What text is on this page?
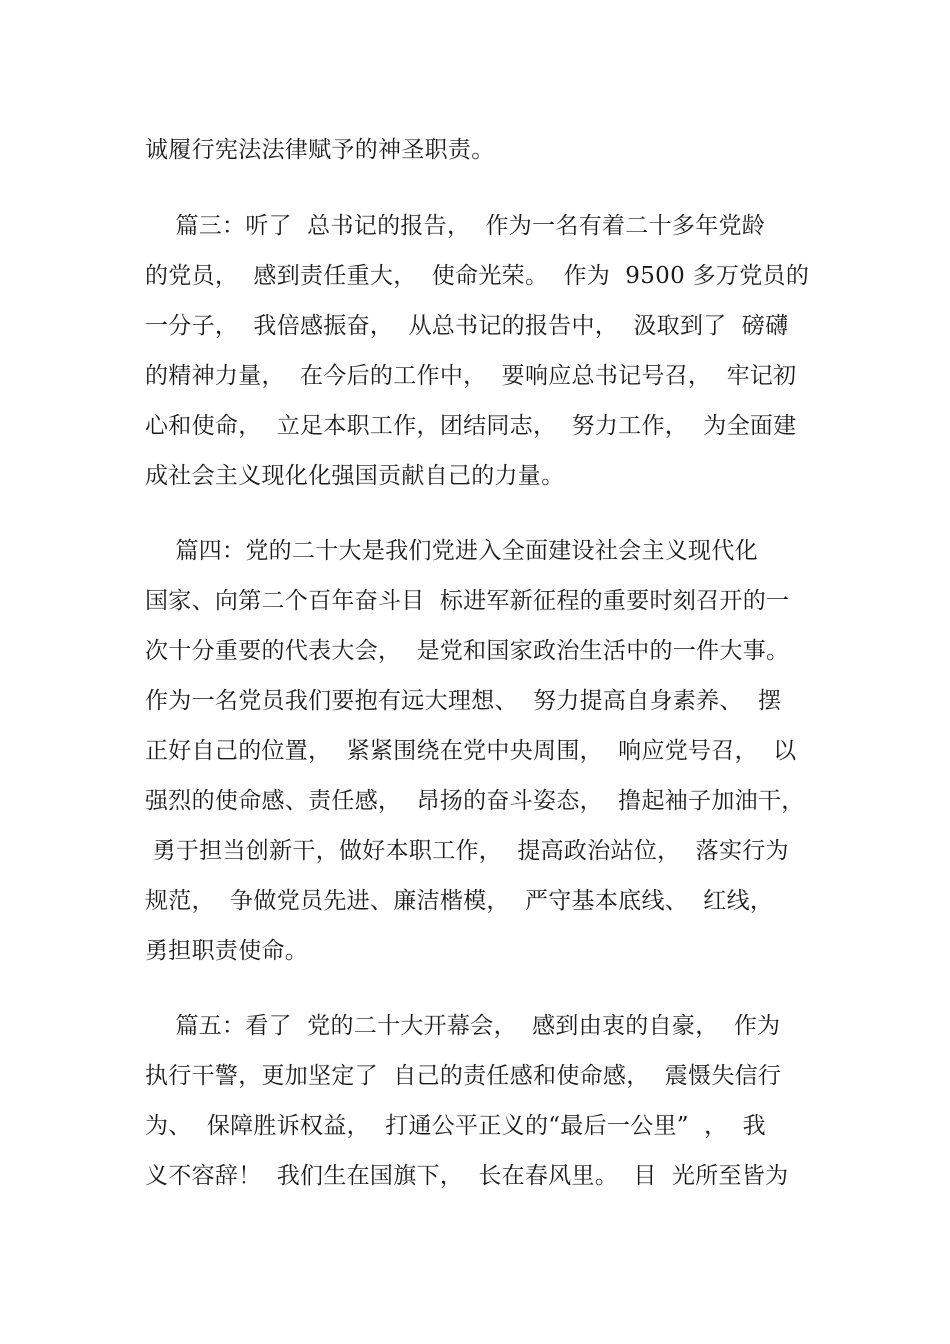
诚履行宪法法律赋予的神圣职责。
篇三：听了  总书记的报告，  作为一名有着二十多年党龄
的党员，  感到责任重大，  使命光荣。  作为  9500 多万党员的
一分子，  我倍感振奋，  从总书记的报告中，  汲取到了  磅礴
的精神力量，  在今后的工作中，  要响应总书记号召，  牢记初
心和使命，  立足本职工作，团结同志，  努力工作，  为全面建
成社会主义现化化强国贡献自己的力量。
篇四：党的二十大是我们党进入全面建设社会主义现代化
国家、向第二个百年奋斗目  标进军新征程的重要时刻召开的一
次十分重要的代表大会，  是党和国家政治生活中的一件大事。
作为一名党员我们要抱有远大理想、  努力提高自身素养、  摆
正好自己的位置，  紧紧围绕在党中央周围，  响应党号召，  以
强烈的使命感、责任感，  昂扬的奋斗姿态，  撸起袖子加油干，
勇于担当创新干，做好本职工作，  提高政治站位，  落实行为
规范，  争做党员先进、廉洁楷模，  严守基本底线、  红线，
勇担职责使命。
篇五：看了  党的二十大开幕会，  感到由衷的自豪，  作为
执行干警，更加坚定了  自己的责任感和使命感，  震慑失信行
为、  保障胜诉权益，  打通公平正义的“最后一公里”  ，  我
义不容辞！  我们生在国旗下，  长在春风里。  目  光所至皆为
